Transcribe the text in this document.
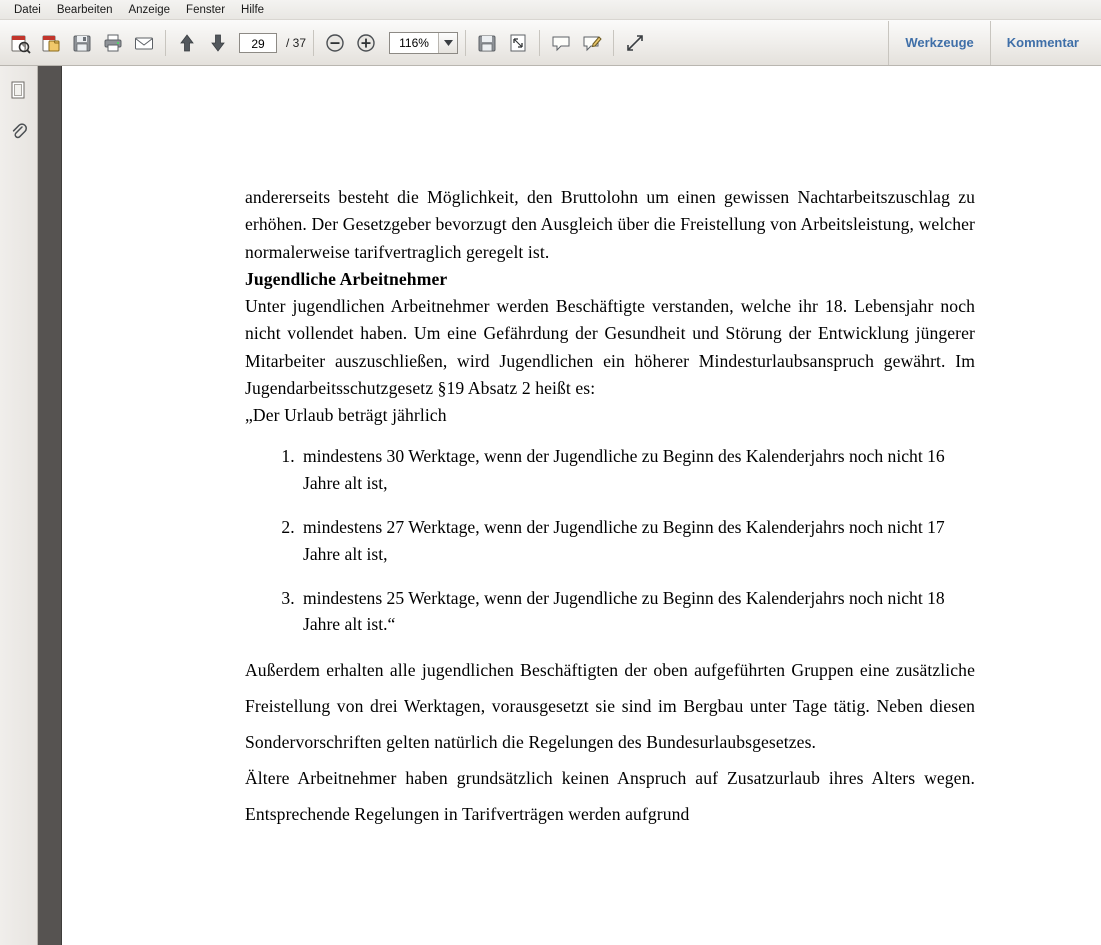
Datei	Bearbeiten	Anzeige	Fenster	Hilfe
29	/ 37	116%	Werkzeuge	Kommentar

andererseits besteht die Möglichkeit, den Bruttolohn um einen gewissen Nachtarbeitszuschlag zu erhöhen. Der Gesetzgeber bevorzugt den Ausgleich über die Freistellung von Arbeitsleistung, welcher normalerweise tarifvertraglich geregelt ist.

Jugendliche Arbeitnehmer

Unter jugendlichen Arbeitnehmer werden Beschäftigte verstanden, welche ihr 18. Lebensjahr noch nicht vollendet haben. Um eine Gefährdung der Gesundheit und Störung der Entwicklung jüngerer Mitarbeiter auszuschließen, wird Jugendlichen ein höherer Mindesturlaubsanspruch gewährt. Im Jugendarbeitsschutzgesetz §19 Absatz 2 heißt es:

„Der Urlaub beträgt jährlich

1. mindestens 30 Werktage, wenn der Jugendliche zu Beginn des Kalenderjahrs noch nicht 16 Jahre alt ist,
2. mindestens 27 Werktage, wenn der Jugendliche zu Beginn des Kalenderjahrs noch nicht 17 Jahre alt ist,
3. mindestens 25 Werktage, wenn der Jugendliche zu Beginn des Kalenderjahrs noch nicht 18 Jahre alt ist.“

Außerdem erhalten alle jugendlichen Beschäftigten der oben aufgeführten Gruppen eine zusätzliche Freistellung von drei Werktagen, vorausgesetzt sie sind im Bergbau unter Tage tätig. Neben diesen Sondervorschriften gelten natürlich die Regelungen des Bundesurlaubsgesetzes.

Ältere Arbeitnehmer haben grundsätzlich keinen Anspruch auf Zusatzurlaub ihres Alters wegen. Entsprechende Regelungen in Tarifverträgen werden aufgrund
